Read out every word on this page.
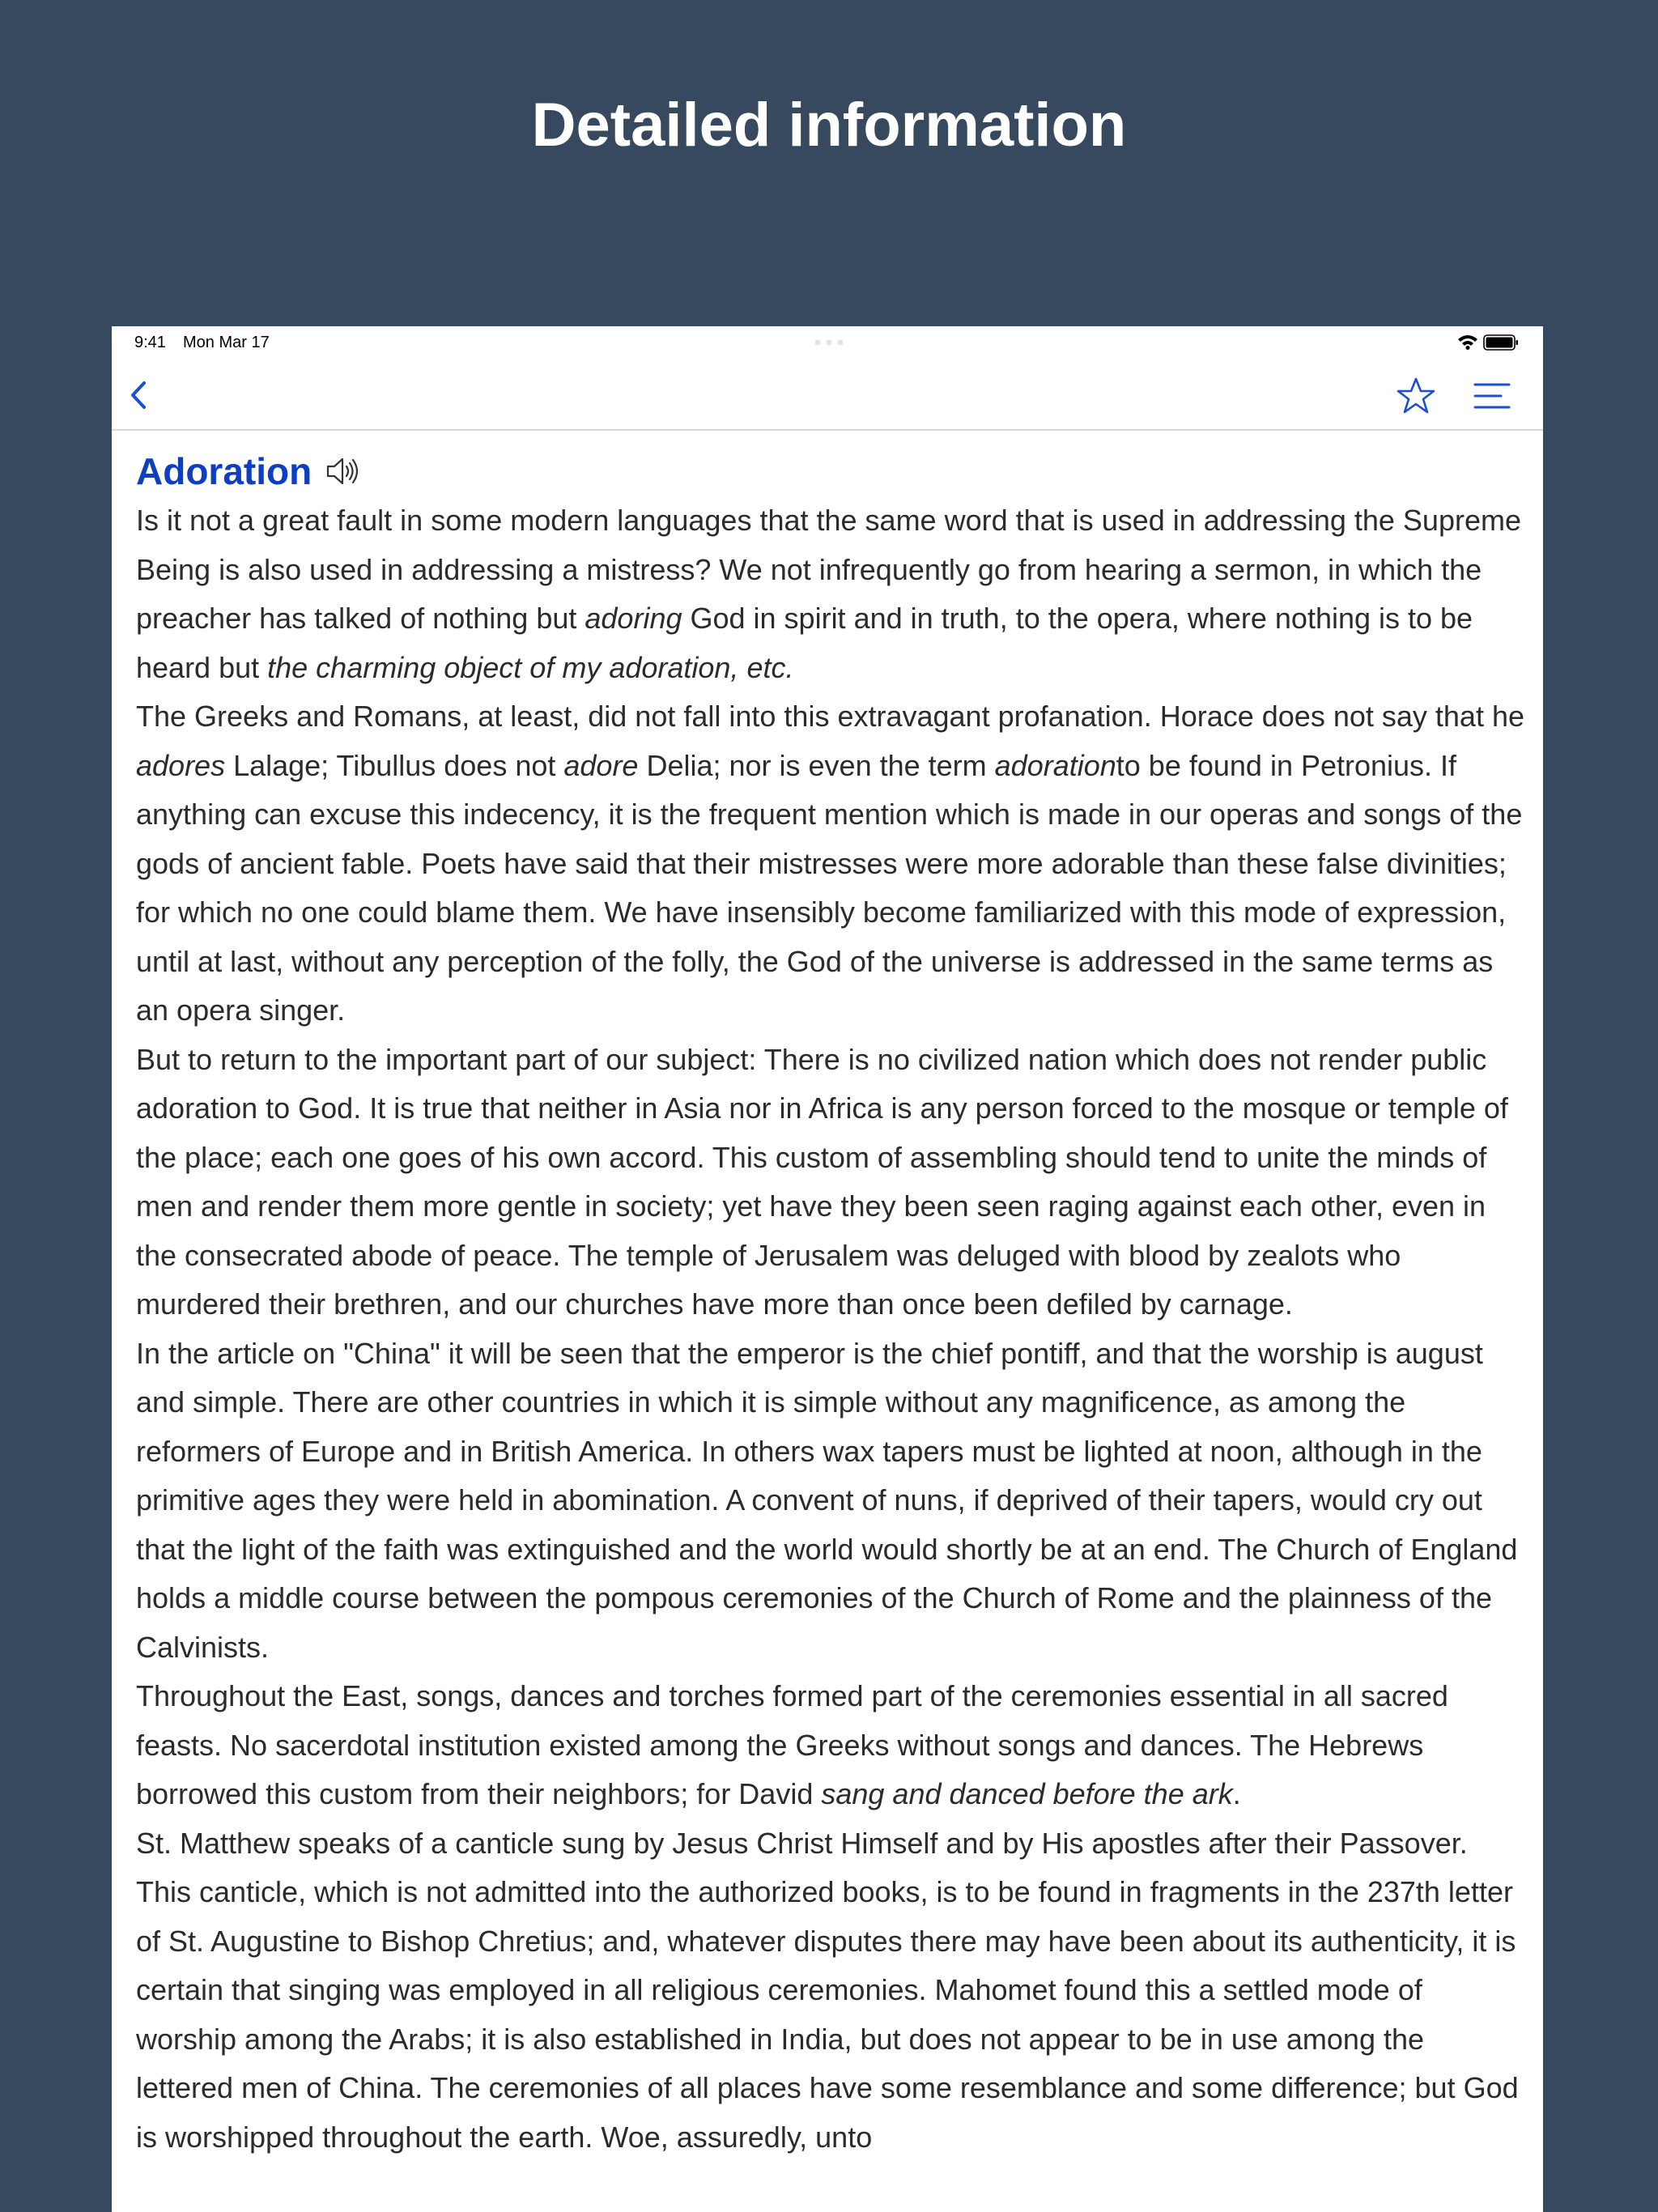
Detailed information
9:41 Mon Mar 17
Adoration

Is it not a great fault in some modern languages that the same word that is used in addressing the Supreme Being is also used in addressing a mistress? We not infrequently go from hearing a sermon, in which the preacher has talked of nothing but adoring God in spirit and in truth, to the opera, where nothing is to be heard but the charming object of my adoration, etc.

The Greeks and Romans, at least, did not fall into this extravagant profanation. Horace does not say that he adores Lalage; Tibullus does not adore Delia; nor is even the term adorationto be found in Petronius. If anything can excuse this indecency, it is the frequent mention which is made in our operas and songs of the gods of ancient fable. Poets have said that their mistresses were more adorable than these false divinities; for which no one could blame them. We have insensibly become familiarized with this mode of expression, until at last, without any perception of the folly, the God of the universe is addressed in the same terms as an opera singer.

But to return to the important part of our subject: There is no civilized nation which does not render public adoration to God. It is true that neither in Asia nor in Africa is any person forced to the mosque or temple of the place; each one goes of his own accord. This custom of assembling should tend to unite the minds of men and render them more gentle in society; yet have they been seen raging against each other, even in the consecrated abode of peace. The temple of Jerusalem was deluged with blood by zealots who murdered their brethren, and our churches have more than once been defiled by carnage.

In the article on "China" it will be seen that the emperor is the chief pontiff, and that the worship is august and simple. There are other countries in which it is simple without any magnificence, as among the reformers of Europe and in British America. In others wax tapers must be lighted at noon, although in the primitive ages they were held in abomination. A convent of nuns, if deprived of their tapers, would cry out that the light of the faith was extinguished and the world would shortly be at an end. The Church of England holds a middle course between the pompous ceremonies of the Church of Rome and the plainness of the Calvinists.

Throughout the East, songs, dances and torches formed part of the ceremonies essential in all sacred feasts. No sacerdotal institution existed among the Greeks without songs and dances. The Hebrews borrowed this custom from their neighbors; for David sang and danced before the ark.

St. Matthew speaks of a canticle sung by Jesus Christ Himself and by His apostles after their Passover. This canticle, which is not admitted into the authorized books, is to be found in fragments in the 237th letter of St. Augustine to Bishop Chretius; and, whatever disputes there may have been about its authenticity, it is certain that singing was employed in all religious ceremonies. Mahomet found this a settled mode of worship among the Arabs; it is also established in India, but does not appear to be in use among the lettered men of China. The ceremonies of all places have some resemblance and some difference; but God is worshipped throughout the earth. Woe, assuredly, unto
